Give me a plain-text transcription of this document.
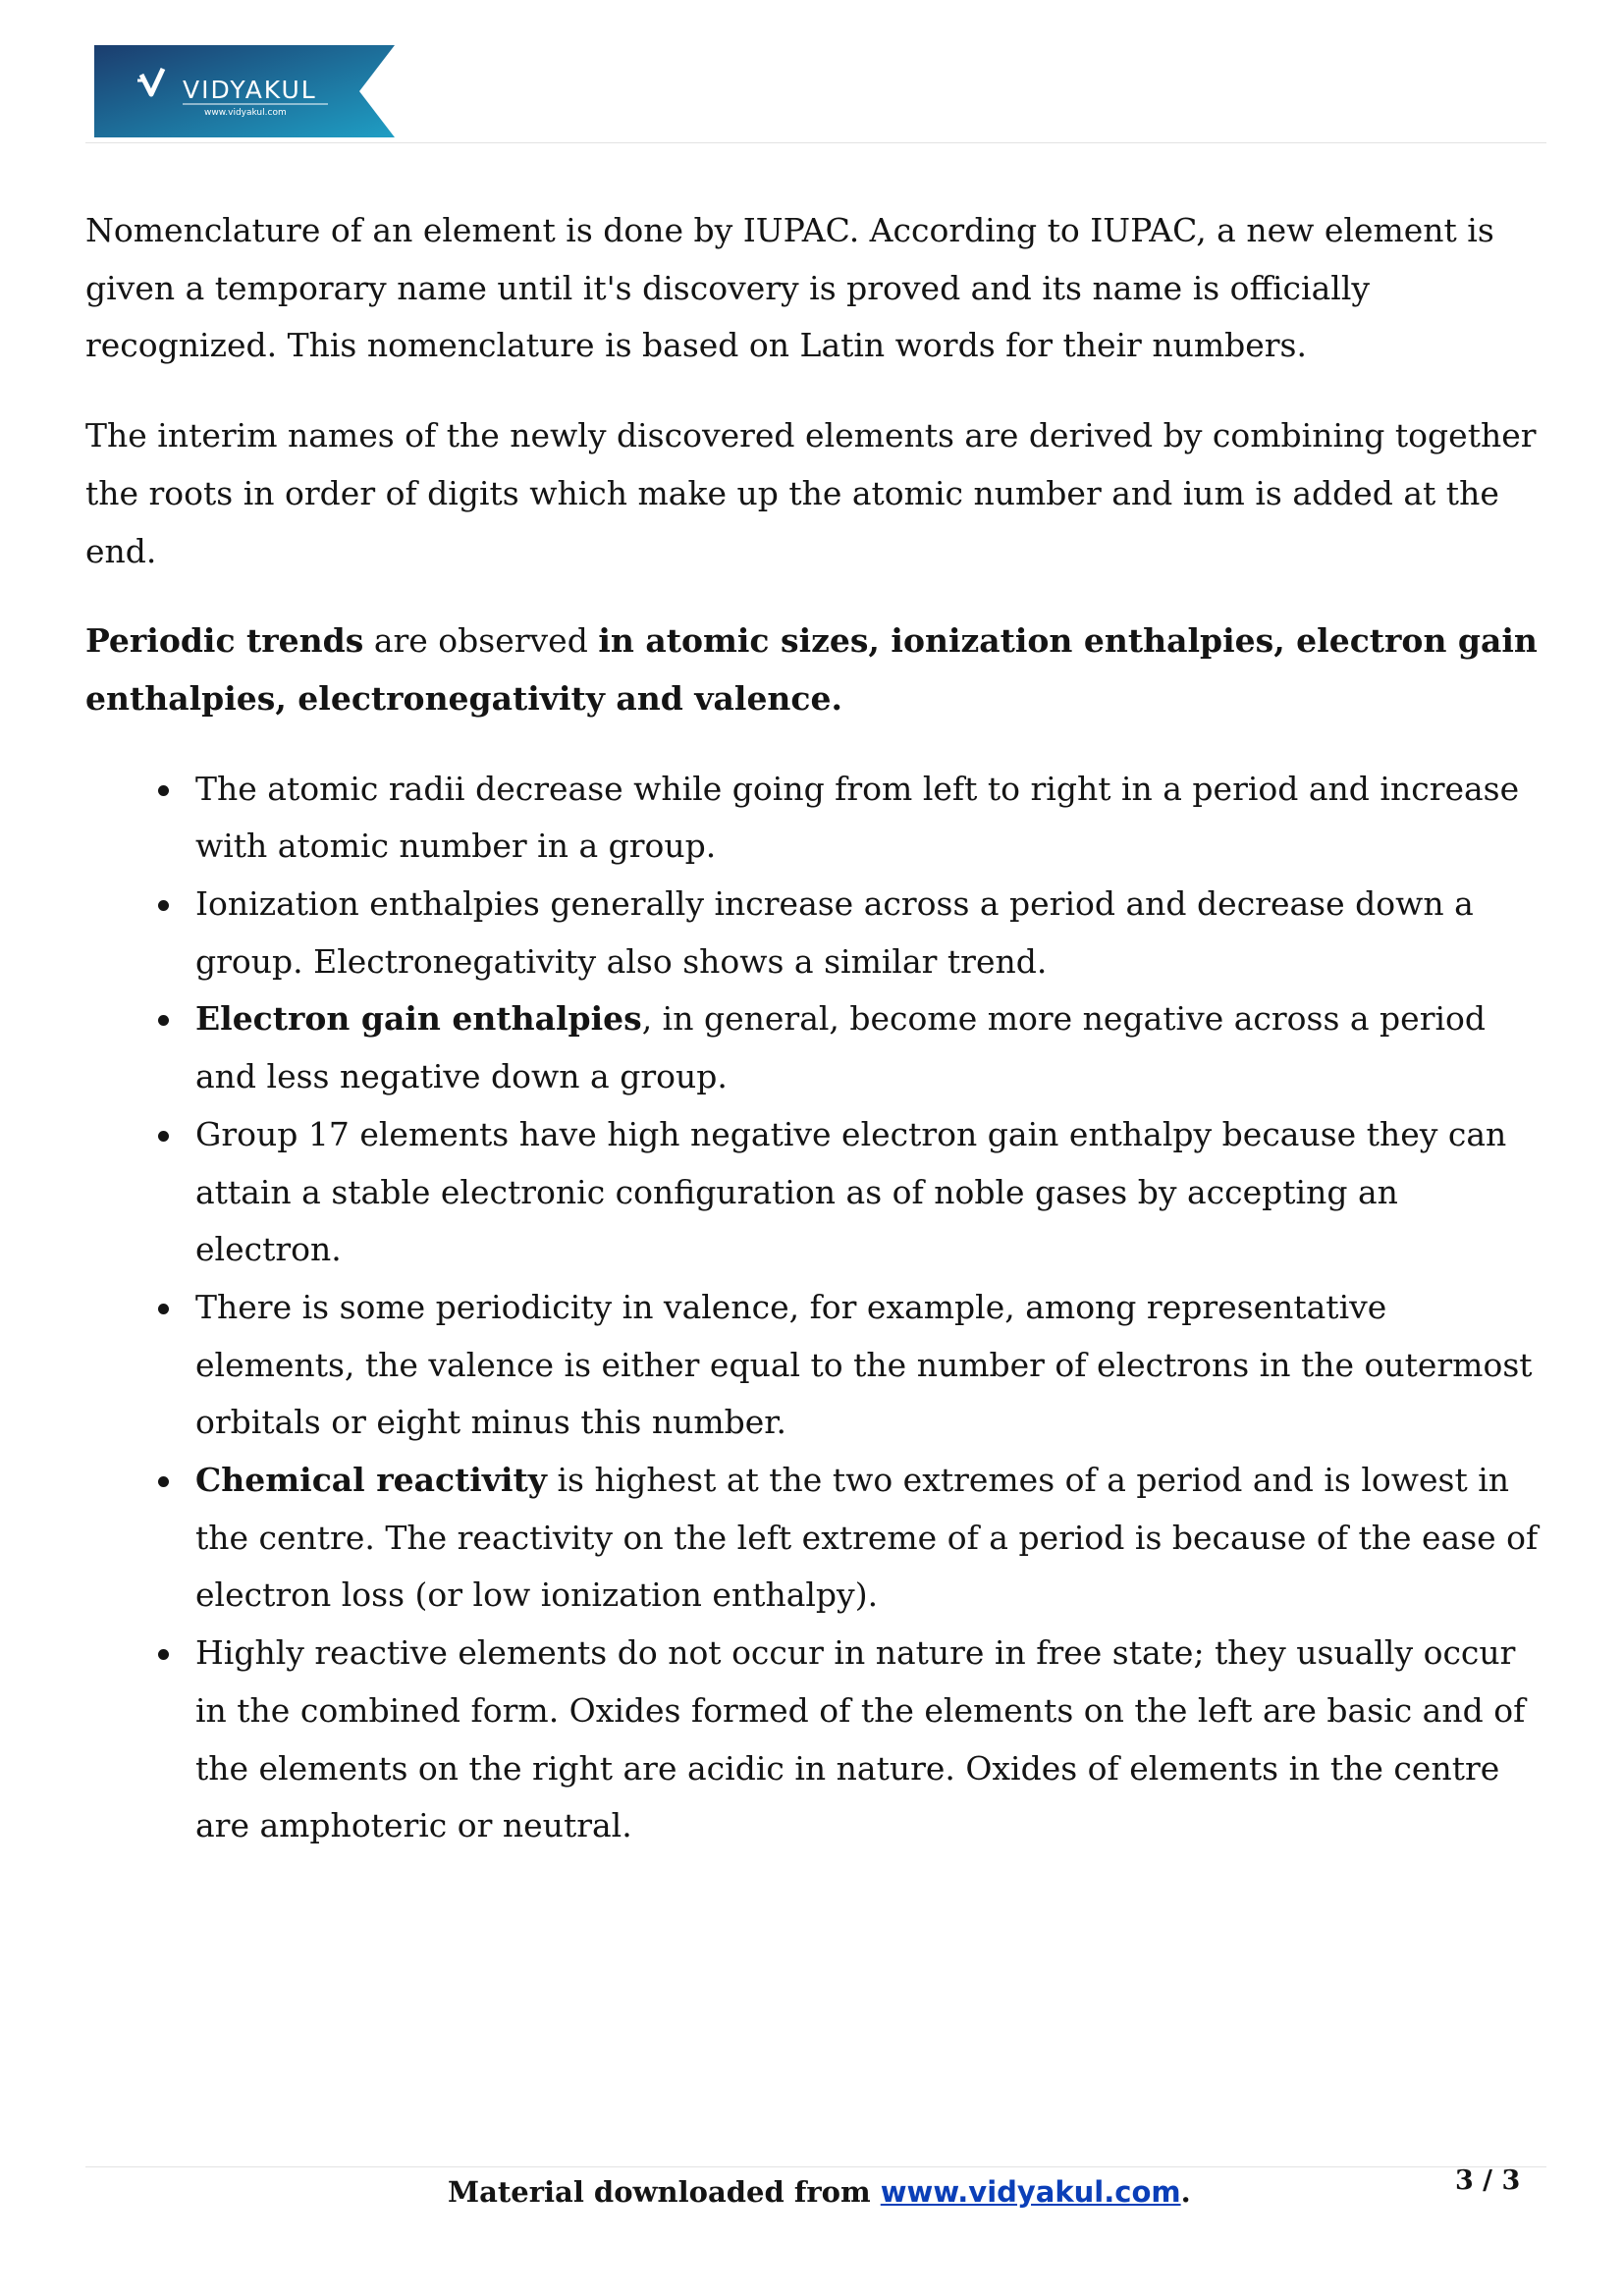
VIDYAKUL
www.vidyakul.com

Nomenclature of an element is done by IUPAC. According to IUPAC, a new element is given a temporary name until it's discovery is proved and its name is officially recognized. This nomenclature is based on Latin words for their numbers.

The interim names of the newly discovered elements are derived by combining together the roots in order of digits which make up the atomic number and ium is added at the end.

Periodic trends are observed in atomic sizes, ionization enthalpies, electron gain enthalpies, electronegativity and valence.

The atomic radii decrease while going from left to right in a period and increase with atomic number in a group.
Ionization enthalpies generally increase across a period and decrease down a group. Electronegativity also shows a similar trend.
Electron gain enthalpies, in general, become more negative across a period and less negative down a group.
Group 17 elements have high negative electron gain enthalpy because they can attain a stable electronic configuration as of noble gases by accepting an electron.
There is some periodicity in valence, for example, among representative elements, the valence is either equal to the number of electrons in the outermost orbitals or eight minus this number.
Chemical reactivity is highest at the two extremes of a period and is lowest in the centre. The reactivity on the left extreme of a period is because of the ease of electron loss (or low ionization enthalpy).
Highly reactive elements do not occur in nature in free state; they usually occur in the combined form. Oxides formed of the elements on the left are basic and of the elements on the right are acidic in nature. Oxides of elements in the centre are amphoteric or neutral.
Material downloaded from www.vidyakul.com.	3 / 3
